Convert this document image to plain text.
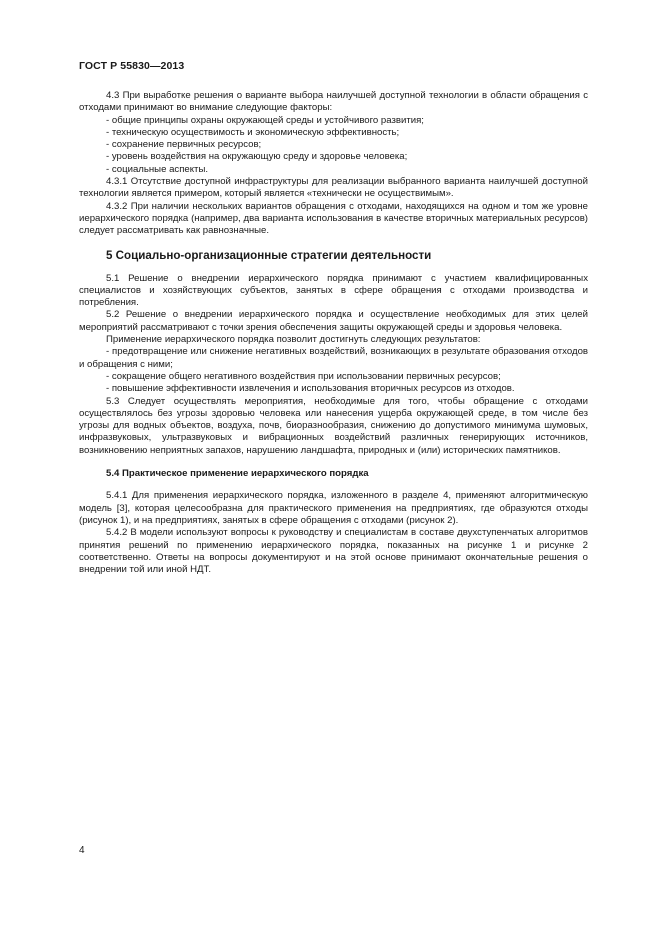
ГОСТ Р 55830—2013

4.3 При выработке решения о варианте выбора наилучшей доступной технологии в области обращения с отходами принимают во внимание следующие факторы:

- общие принципы охраны окружающей среды и устойчивого развития;

- техническую осуществимость и экономическую эффективность;

- сохранение первичных ресурсов;

- уровень воздействия на окружающую среду и здоровье человека;

- социальные аспекты.

4.3.1 Отсутствие доступной инфраструктуры для реализации выбранного варианта наилучшей доступной технологии является примером, который является «технически не осуществимым».

4.3.2 При наличии нескольких вариантов обращения с отходами, находящихся на одном и том же уровне иерархического порядка (например, два варианта использования в качестве вторичных материальных ресурсов) следует рассматривать как равнозначные.

5 Социально-организационные стратегии деятельности

5.1 Решение о внедрении иерархического порядка принимают с участием квалифицированных специалистов и хозяйствующих субъектов, занятых в сфере обращения с отходами производства и потребления.

5.2 Решение о внедрении иерархического порядка и осуществление необходимых для этих целей мероприятий рассматривают с точки зрения обеспечения защиты окружающей среды и здоровья человека.

Применение иерархического порядка позволит достигнуть следующих результатов:

- предотвращение или снижение негативных воздействий, возникающих в результате образования отходов и обращения с ними;

- сокращение общего негативного воздействия при использовании первичных ресурсов;

- повышение эффективности извлечения и использования вторичных ресурсов из отходов.

5.3 Следует осуществлять мероприятия, необходимые для того, чтобы обращение с отходами осуществлялось без угрозы здоровью человека или нанесения ущерба окружающей среде, в том числе без угрозы для водных объектов, воздуха, почв, биоразнообразия, снижению до допустимого минимума шумовых, инфразвуковых, ультразвуковых и вибрационных воздействий различных генерирующих источников, возникновению неприятных запахов, нарушению ландшафта, природных и (или) исторических памятников.

5.4 Практическое применение иерархического порядка

5.4.1 Для применения иерархического порядка, изложенного в разделе 4, применяют алгоритмическую модель [3], которая целесообразна для практического применения на предприятиях, где образуются отходы (рисунок 1), и на предприятиях, занятых в сфере обращения с отходами (рисунок 2).

5.4.2 В модели используют вопросы к руководству и специалистам в составе двухступенчатых алгоритмов принятия решений по применению иерархического порядка, показанных на рисунке 1 и рисунке 2 соответственно. Ответы на вопросы документируют и на этой основе принимают окончательные решения о внедрении той или иной НДТ.

4
